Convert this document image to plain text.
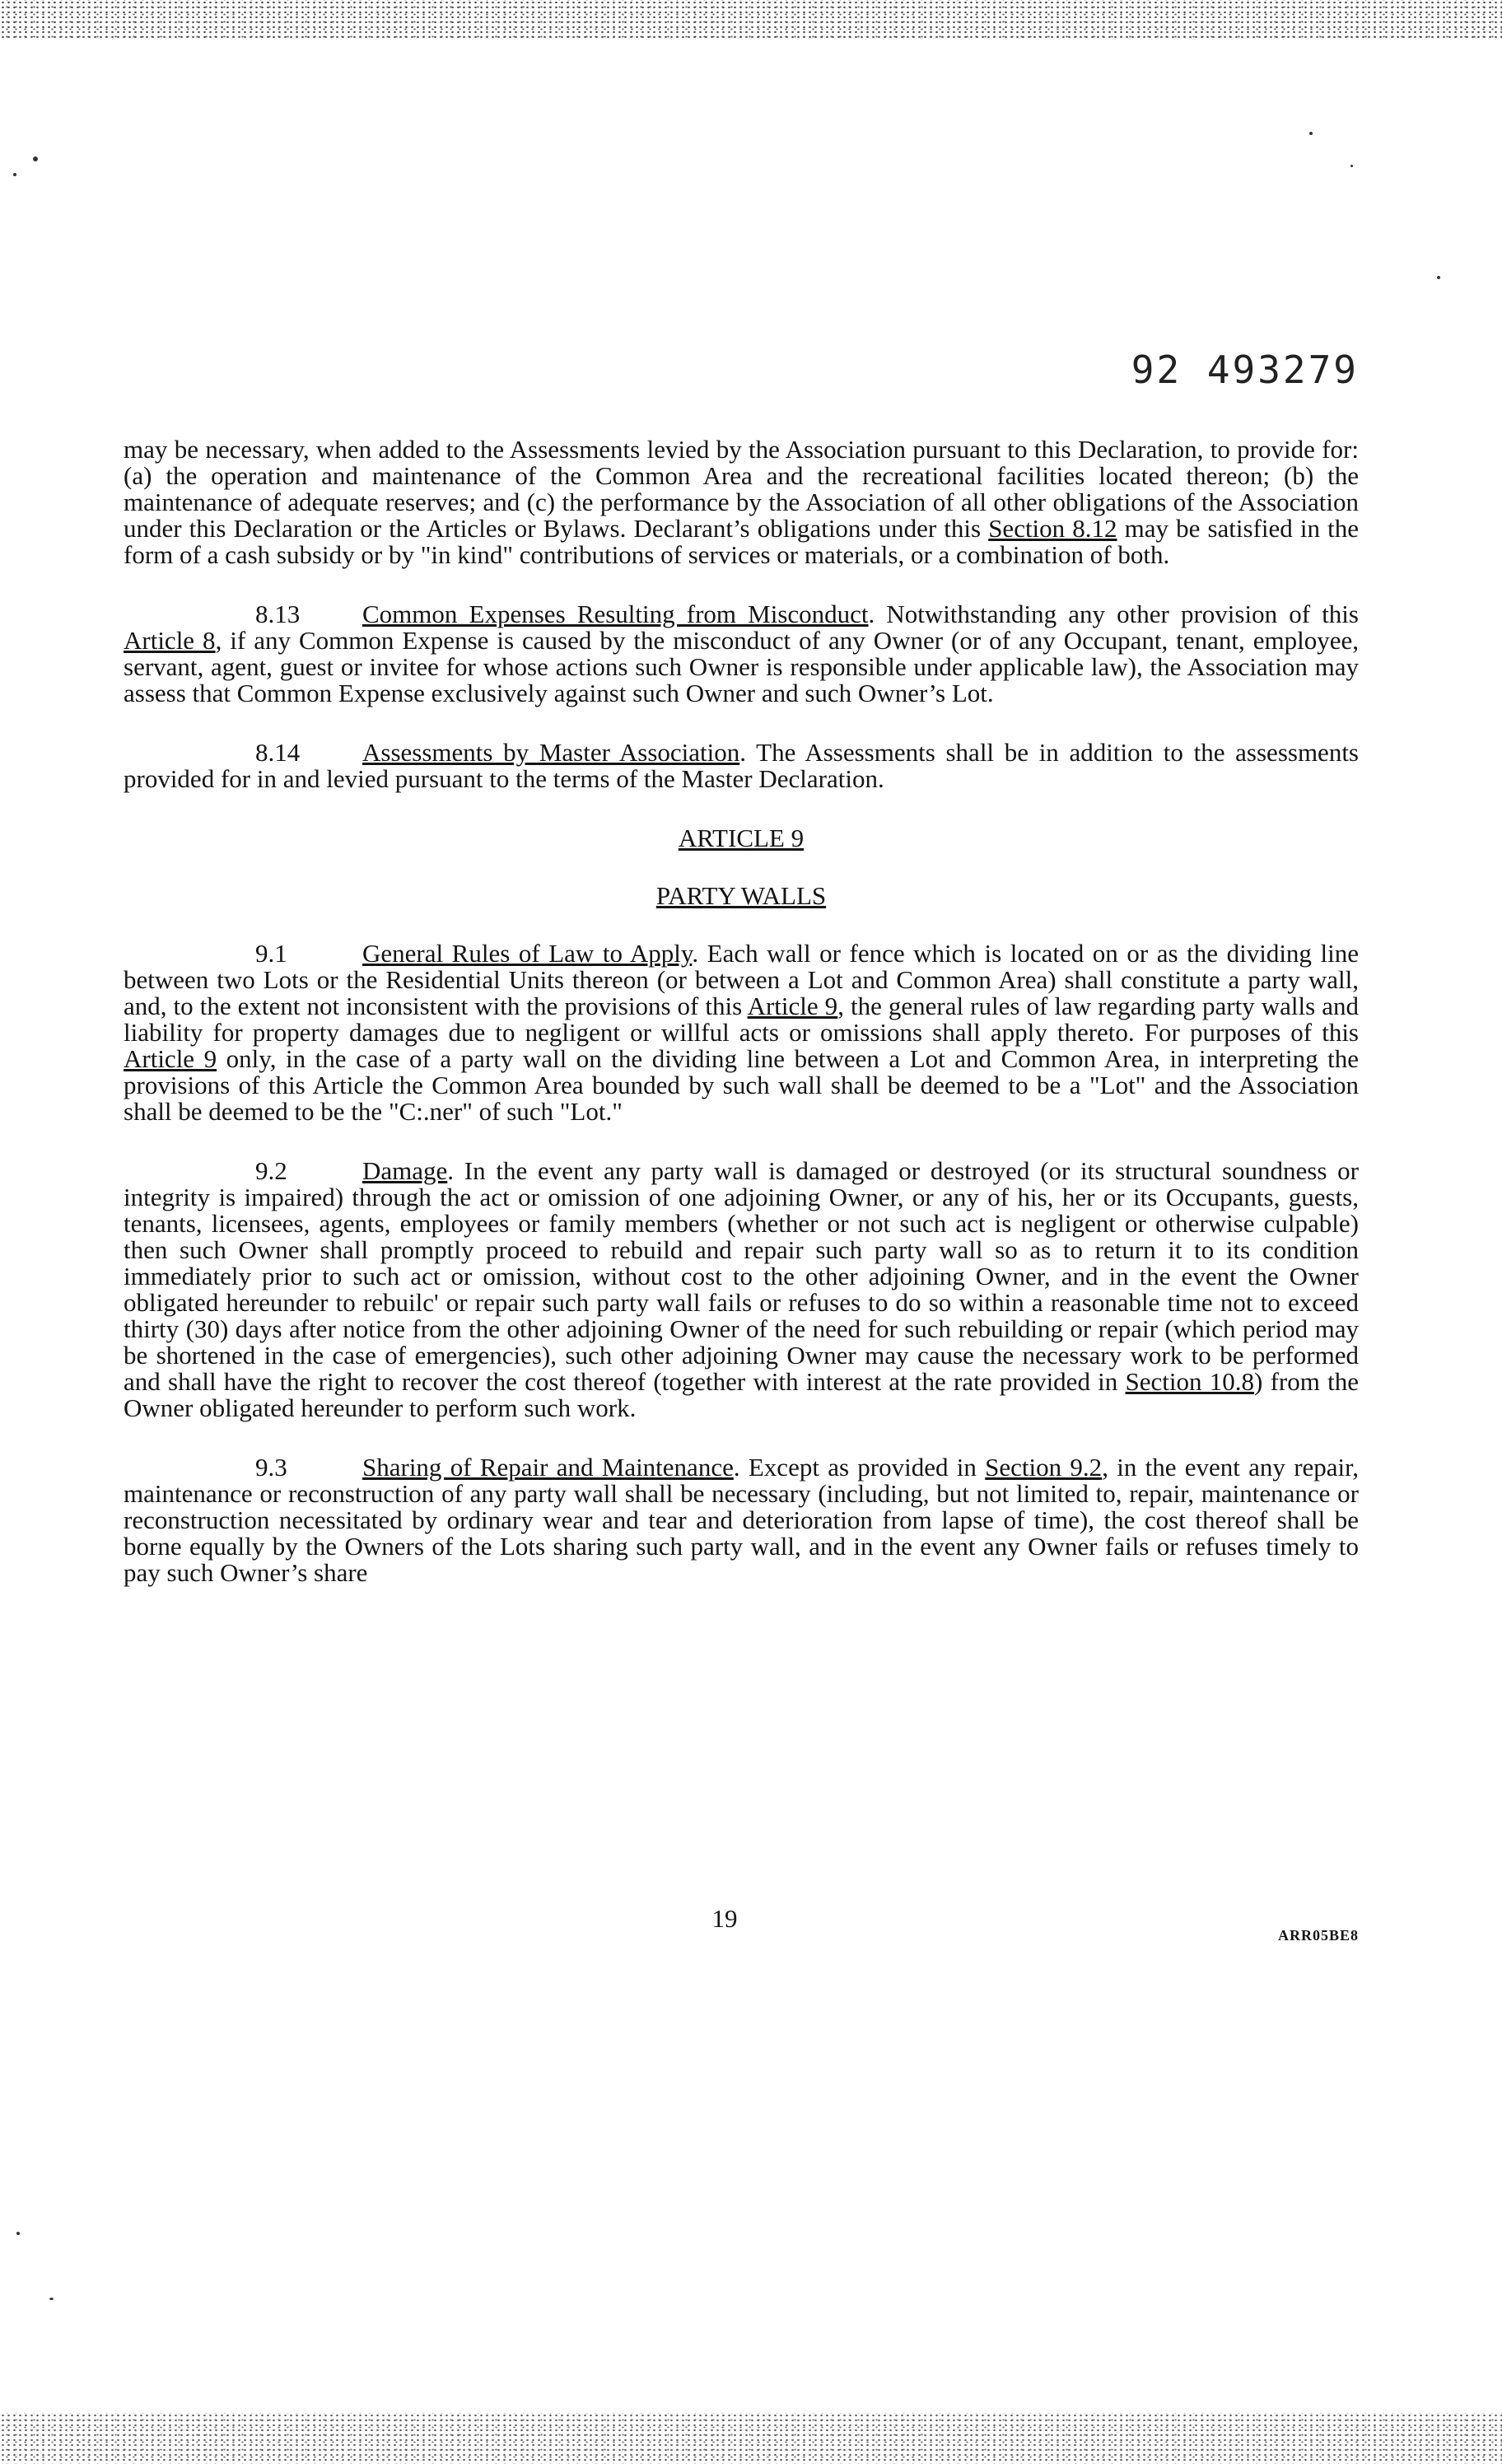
92 493279

may be necessary, when added to the Assessments levied by the Association pursuant to this Declaration, to provide for: (a) the operation and maintenance of the Common Area and the recreational facilities located thereon; (b) the maintenance of adequate reserves; and (c) the performance by the Association of all other obligations of the Association under this Declaration or the Articles or Bylaws. Declarant’s obligations under this Section 8.12 may be satisfied in the form of a cash subsidy or by "in kind" contributions of services or materials, or a combination of both.

8.13 Common Expenses Resulting from Misconduct. Notwithstanding any other provision of this Article 8, if any Common Expense is caused by the misconduct of any Owner (or of any Occupant, tenant, employee, servant, agent, guest or invitee for whose actions such Owner is responsible under applicable law), the Association may assess that Common Expense exclusively against such Owner and such Owner’s Lot.

8.14 Assessments by Master Association. The Assessments shall be in addition to the assessments provided for in and levied pursuant to the terms of the Master Declaration.

ARTICLE 9
PARTY WALLS

9.1	General Rules of Law to Apply. Each wall or fence which is located on or as the dividing line between two Lots or the Residential Units thereon (or between a Lot and Common Area) shall constitute a party wall, and, to the extent not inconsistent with the provisions of this Article 9, the general rules of law regarding party walls and liability for property damages due to negligent or willful acts or omissions shall apply thereto. For purposes of this Article 9 only, in the case of a party wall on the dividing line between a Lot and Common Area, in interpreting the provisions of this Article the Common Area bounded by such wall shall be deemed to be a "Lot" and the Association shall be deemed to be the "C:.ner" of such "Lot."

9.2	Damage. In the event any party wall is damaged or destroyed (or its structural soundness or integrity is impaired) through the act or omission of one adjoining Owner, or any of his, her or its Occupants, guests, tenants, licensees, agents, employees or family members (whether or not such act is negligent or otherwise culpable) then such Owner shall promptly proceed to rebuild and repair such party wall so as to return it to its condition immediately prior to such act or omission, without cost to the other adjoining Owner, and in the event the Owner obligated hereunder to rebuilc' or repair such party wall fails or refuses to do so within a reasonable time not to exceed thirty (30) days after notice from the other adjoining Owner of the need for such rebuilding or repair (which period may be shortened in the case of emergencies), such other adjoining Owner may cause the necessary work to be performed and shall have the right to recover the cost thereof (together with interest at the rate provided in Section 10.8) from the Owner obligated hereunder to perform such work.

9.3	Sharing of Repair and Maintenance. Except as provided in Section 9.2, in the event any repair, maintenance or reconstruction of any party wall shall be necessary (including, but not limited to, repair, maintenance or reconstruction necessitated by ordinary wear and tear and deterioration from lapse of time), the cost thereof shall be borne equally by the Owners of the Lots sharing such party wall, and in the event any Owner fails or refuses timely to pay such Owner’s share

19
ARR05BE8
